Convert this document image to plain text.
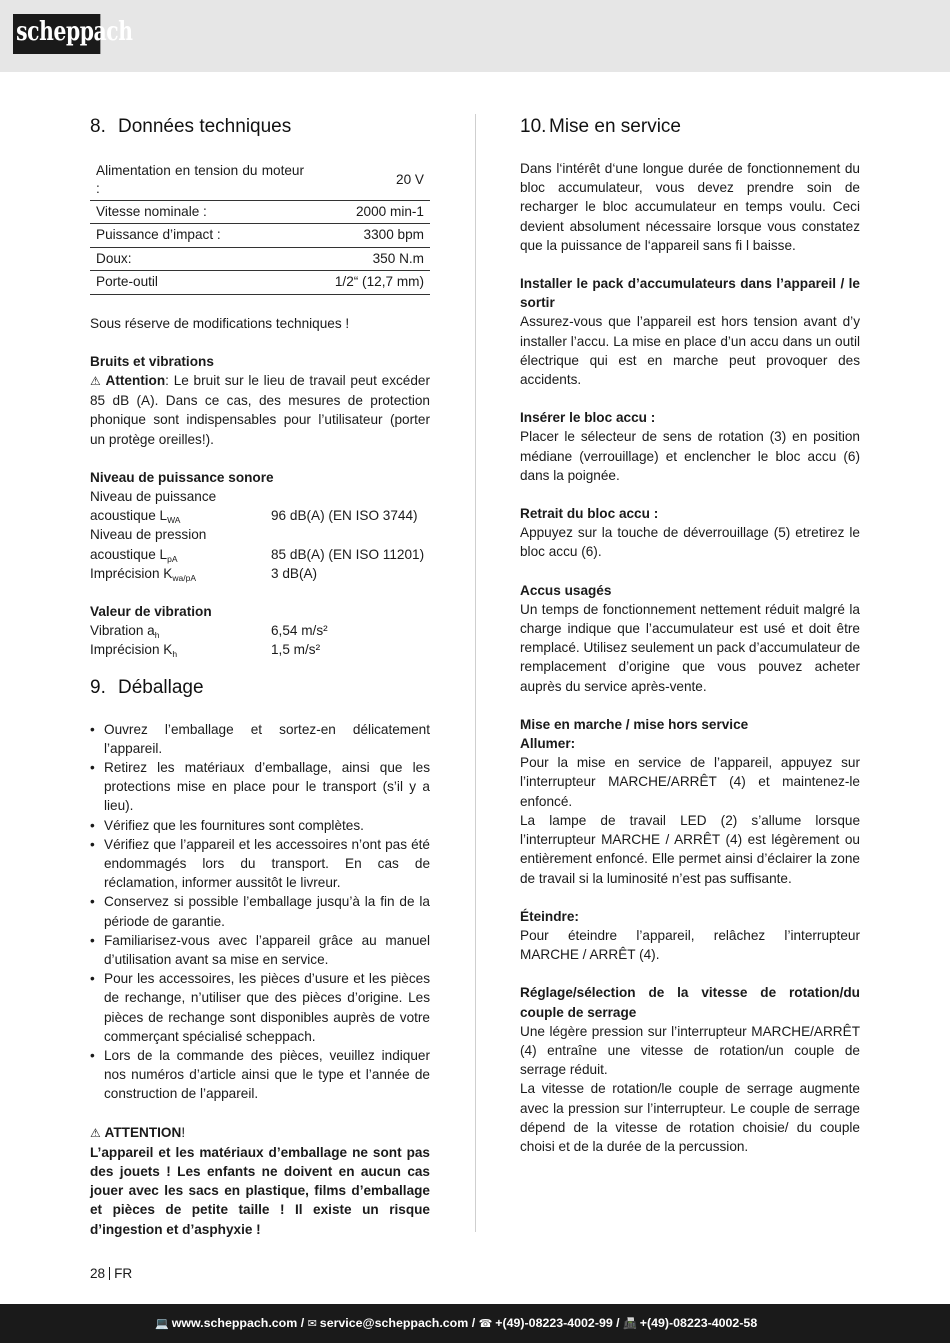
scheppach
8. Données techniques
Alimentation en tension du moteur :	20 V
Vitesse nominale :	2000 min-1
Puissance d’impact :	3300 bpm
Doux:	350 N.m
Porte-outil	1/2“ (12,7 mm)

Sous réserve de modifications techniques !

Bruits et vibrations

⚠ Attention: Le bruit sur le lieu de travail peut excéder 85 dB (A). Dans ce cas, des mesures de protection phonique sont indispensables pour l’utilisateur (porter un protège oreilles!).

Niveau de puissance sonore
Niveau de puissance
acoustique $L_{WA}$	96 dB(A) (EN ISO 3744)
Niveau de pression
acoustique $L_{pA}$	85 dB(A) (EN ISO 11201)
Imprécision $K_{wa/pA}$	3 dB(A)
Valeur de vibration
Vibration $a_h$	6,54 m/s²
Imprécision $K_h$	1,5 m/s²
9. Déballage
• Ouvrez l’emballage et sortez-en délicatement l’appareil.
• Retirez les matériaux d’emballage, ainsi que les protections mise en place pour le transport (s’il y a lieu).
• Vérifiez que les fournitures sont complètes.
• Vérifiez que l’appareil et les accessoires n’ont pas été endommagés lors du transport. En cas de réclamation, informer aussitôt le livreur.
• Conservez si possible l’emballage jusqu’à la fin de la période de garantie.
• Familiarisez-vous avec l’appareil grâce au manuel d’utilisation avant sa mise en service.
• Pour les accessoires, les pièces d’usure et les pièces de rechange, n’utiliser que des pièces d’origine. Les pièces de rechange sont disponibles auprès de votre commerçant spécialisé scheppach.
• Lors de la commande des pièces, veuillez indiquer nos numéros d’article ainsi que le type et l’année de construction de l’appareil.
⚠ ATTENTION!

L’appareil et les matériaux d’emballage ne sont pas des jouets ! Les enfants ne doivent en aucun cas jouer avec les sacs en plastique, films d’emballage et pièces de petite taille ! Il existe un risque d’ingestion et d’asphyxie !

10. Mise en service

Dans l‘intérêt d‘une longue durée de fonctionnement du bloc accumulateur, vous devez prendre soin de recharger le bloc accumulateur en temps voulu. Ceci devient absolument nécessaire lorsque vous constatez que la puissance de l‘appareil sans fi l baisse.

Installer le pack d’accumulateurs dans l’appareil / le sortir

Assurez-vous que l’appareil est hors tension avant d’y installer l’accu. La mise en place d’un accu dans un outil électrique qui est en marche peut provoquer des accidents.

Insérer le bloc accu :

Placer le sélecteur de sens de rotation (3) en position médiane (verrouillage) et enclencher le bloc accu (6) dans la poignée.

Retrait du bloc accu :

Appuyez sur la touche de déverrouillage (5) etretirez le bloc accu (6).

Accus usagés

Un temps de fonctionnement nettement réduit malgré la charge indique que l’accumulateur est usé et doit être remplacé. Utilisez seulement un pack d’accumulateur de remplacement d’origine que vous pouvez acheter auprès du service après-vente.

Mise en marche / mise hors service
Allumer:

Pour la mise en service de l’appareil, appuyez sur l’interrupteur MARCHE/ARRÊT (4) et maintenez-le enfoncé.

La lampe de travail LED (2) s’allume lorsque l’interrupteur MARCHE / ARRÊT (4) est légèrement ou entièrement enfoncé. Elle permet ainsi d’éclairer la zone de travail si la luminosité n’est pas suffisante.

Éteindre:

Pour éteindre l’appareil, relâchez l’interrupteur MARCHE / ARRÊT (4).

Réglage/sélection de la vitesse de rotation/du couple de serrage

Une légère pression sur l’interrupteur MARCHE/ARRÊT (4) entraîne une vitesse de rotation/un couple de serrage réduit.

La vitesse de rotation/le couple de serrage augmente avec la pression sur l’interrupteur. Le couple de serrage dépend de la vitesse de rotation choisie/ du couple choisi et de la durée de la percussion.

28 FR
💻 www.scheppach.com / ✉ service@scheppach.com / ☎ +(49)-08223-4002-99 / 📠 +(49)-08223-4002-58
